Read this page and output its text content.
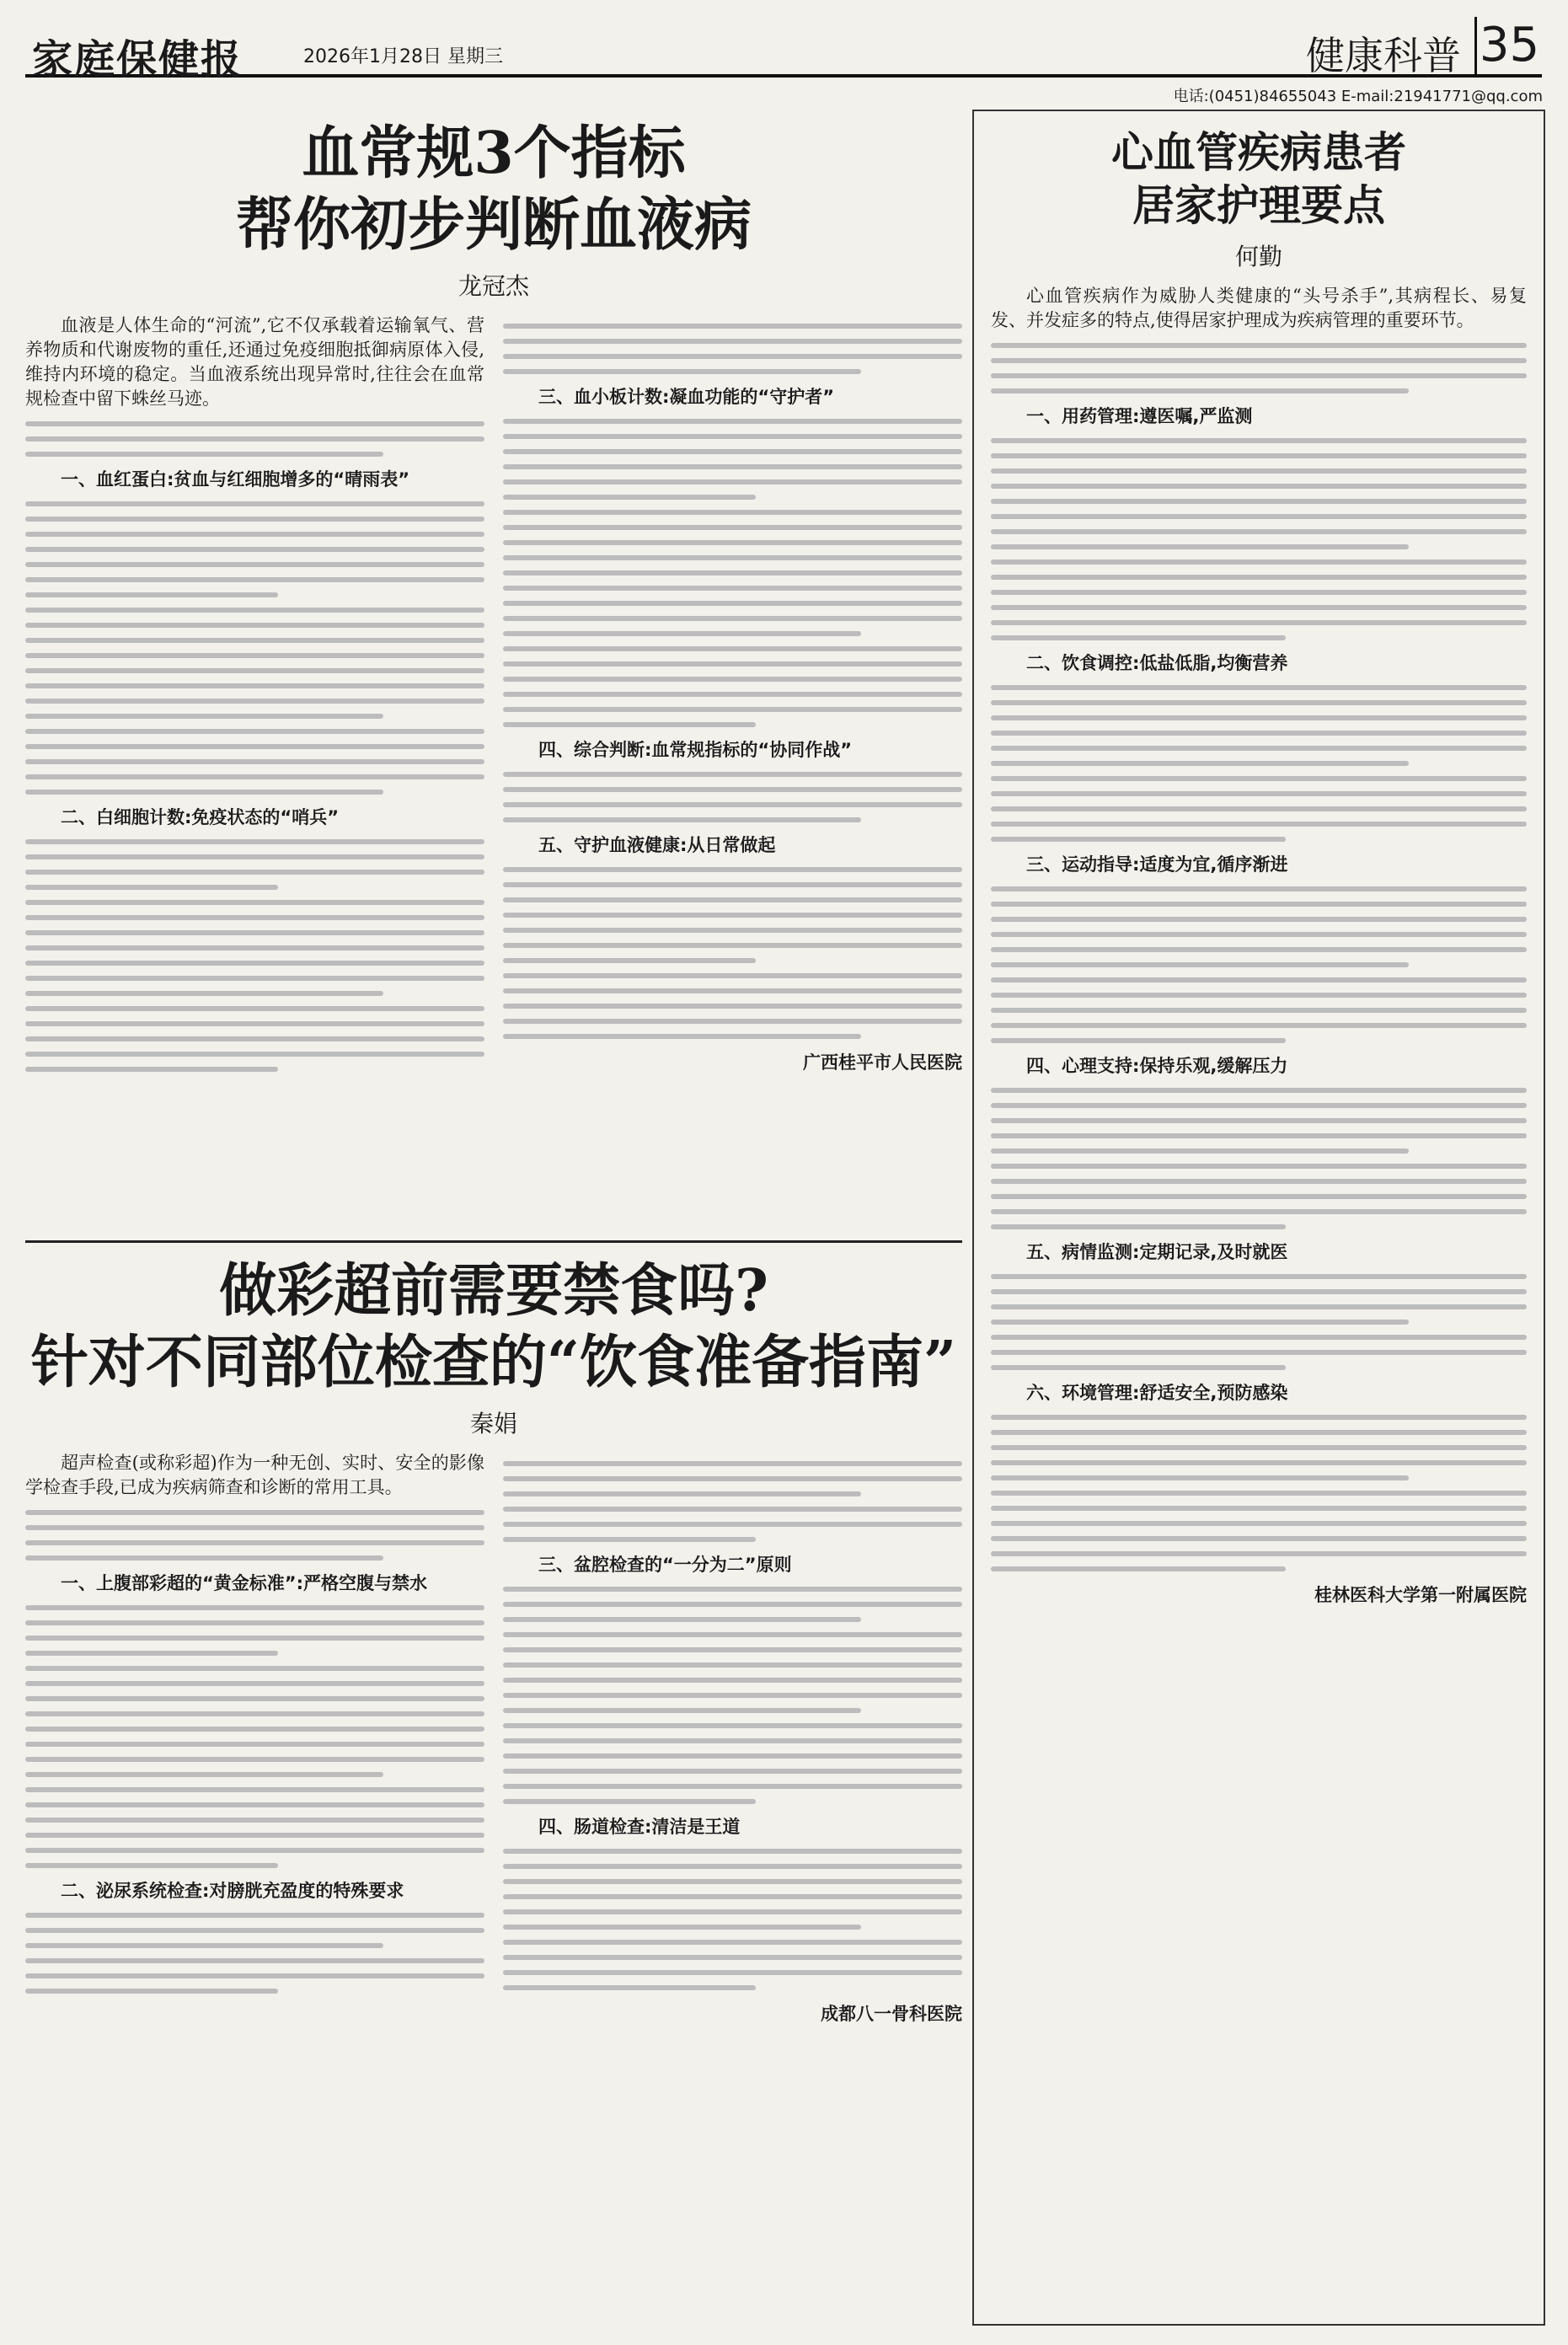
家庭保健报	2026年1月28日 星期三	健康科普 35
电话:(0451)84655043 E-mail:21941771@qq.com
血常规3个指标
帮你初步判断血液病
龙冠杰

血液是人体生命的“河流”,它不仅承载着运输氧气、营养物质和代谢废物的重任,还通过免疫细胞抵御病原体入侵,维持内环境的稳定。当血液系统出现异常时,往往会在血常规检查中留下蛛丝马迹。

一、血红蛋白:贫血与红细胞增多的“晴雨表”
二、白细胞计数:免疫状态的“哨兵”
三、血小板计数:凝血功能的“守护者”
四、综合判断:血常规指标的“协同作战”
五、守护血液健康:从日常做起
广西桂平市人民医院
做彩超前需要禁食吗?
针对不同部位检查的“饮食准备指南”
秦娟

超声检查(或称彩超)作为一种无创、实时、安全的影像学检查手段,已成为疾病筛查和诊断的常用工具。

一、上腹部彩超的“黄金标准”:严格空腹与禁水
二、泌尿系统检查:对膀胱充盈度的特殊要求
三、盆腔检查的“一分为二”原则
四、肠道检查:清洁是王道
成都八一骨科医院
心血管疾病患者
居家护理要点
何勤

心血管疾病作为威胁人类健康的“头号杀手”,其病程长、易复发、并发症多的特点,使得居家护理成为疾病管理的重要环节。

一、用药管理:遵医嘱,严监测
二、饮食调控:低盐低脂,均衡营养
三、运动指导:适度为宜,循序渐进
四、心理支持:保持乐观,缓解压力
五、病情监测:定期记录,及时就医
六、环境管理:舒适安全,预防感染
桂林医科大学第一附属医院
